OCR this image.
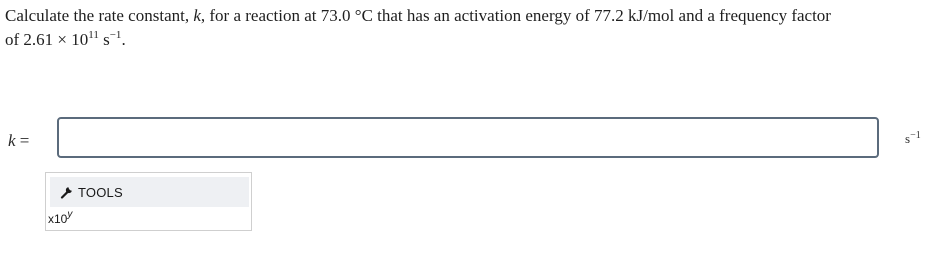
Calculate the rate constant, k, for a reaction at 73.0 °C that has an activation energy of 77.2 kJ/mol and a frequency factor
of $2.61 \times 10^{11}$ $s^{-1}$.
k =	$s^{-1}$
TOOLS
x10$^y$
